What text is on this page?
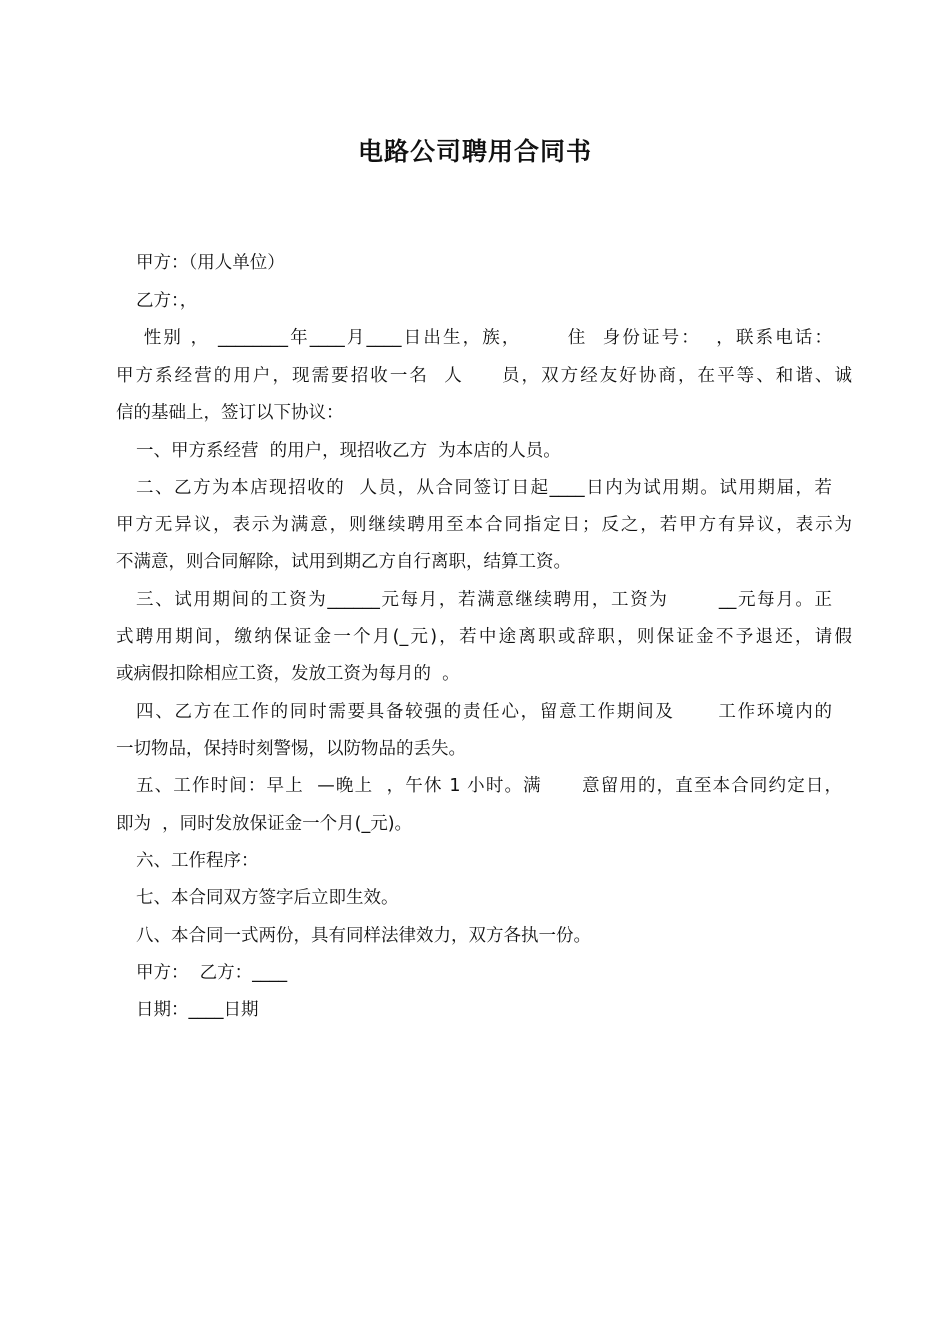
电路公司聘用合同书
甲方：（用人单位）
乙方：，
性别 ， ________年____月____日出生，族，      住  身份证号：  ，联系电话：
甲方系经营的用户，现需要招收一名  人     员，双方经友好协商，在平等、和谐、诚
信的基础上，签订以下协议：
一、甲方系经营  的用户，现招收乙方  为本店的人员。
二、乙方为本店现招收的  人员，从合同签订日起____日内为试用期。试用期届，若
甲方无异议，表示为满意，则继续聘用至本合同指定日；反之，若甲方有异议，表示为
不满意，则合同解除，试用到期乙方自行离职，结算工资。
三、试用期间的工资为______元每月，若满意继续聘用，工资为       __元每月。正
式聘用期间，缴纳保证金一个月(_元)，若中途离职或辞职，则保证金不予退还，请假
或病假扣除相应工资，发放工资为每月的  。
四、乙方在工作的同时需要具备较强的责任心，留意工作期间及      工作环境内的
一切物品，保持时刻警惕，以防物品的丢失。
五、工作时间：早上  —晚上  ，午休 1 小时。满      意留用的，直至本合同约定日，
即为  ，同时发放保证金一个月(_元)。
六、工作程序：
七、本合同双方签字后立即生效。
八、本合同一式两份，具有同样法律效力，双方各执一份。
甲方：  乙方：____
日期：____日期
